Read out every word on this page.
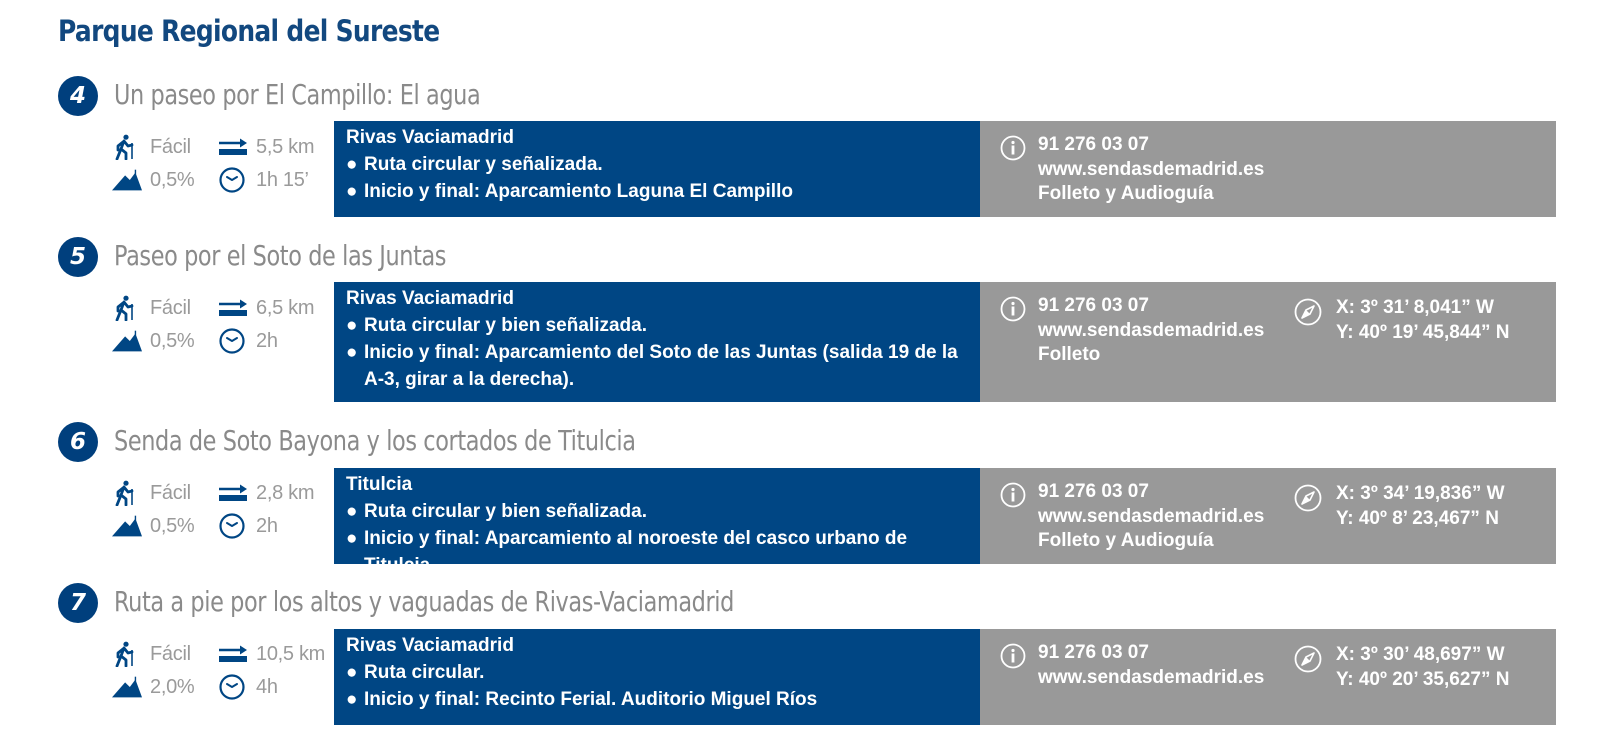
Parque Regional del Sureste
4	Un paseo por El Campillo: El agua
Fácil	5,5 km
0,5%	1h 15’
Rivas Vaciamadrid
● Ruta circular y señalizada.
● Inicio y final: Aparcamiento Laguna El Campillo
91 276 03 07
www.sendasdemadrid.es
Folleto y Audioguía
5	Paseo por el Soto de las Juntas
Fácil	6,5 km
0,5%	2h
Rivas Vaciamadrid
● Ruta circular y bien señalizada.
● Inicio y final: Aparcamiento del Soto de las Juntas (salida 19 de la A-3, girar a la derecha).
91 276 03 07
www.sendasdemadrid.es
Folleto
X: 3º 31’ 8,041” W
Y: 40º 19’ 45,844” N
6	Senda de Soto Bayona y los cortados de Titulcia
Fácil	2,8 km
0,5%	2h
Titulcia
● Ruta circular y bien señalizada.
● Inicio y final: Aparcamiento al noroeste del casco urbano de Titulcia
91 276 03 07
www.sendasdemadrid.es
Folleto y Audioguía
X: 3º 34’ 19,836” W
Y: 40º 8’ 23,467” N
7	Ruta a pie por los altos y vaguadas de Rivas-Vaciamadrid
Fácil	10,5 km
2,0%	4h
Rivas Vaciamadrid
● Ruta circular.
● Inicio y final: Recinto Ferial. Auditorio Miguel Ríos
91 276 03 07
www.sendasdemadrid.es
X: 3º 30’ 48,697” W
Y: 40º 20’ 35,627” N
